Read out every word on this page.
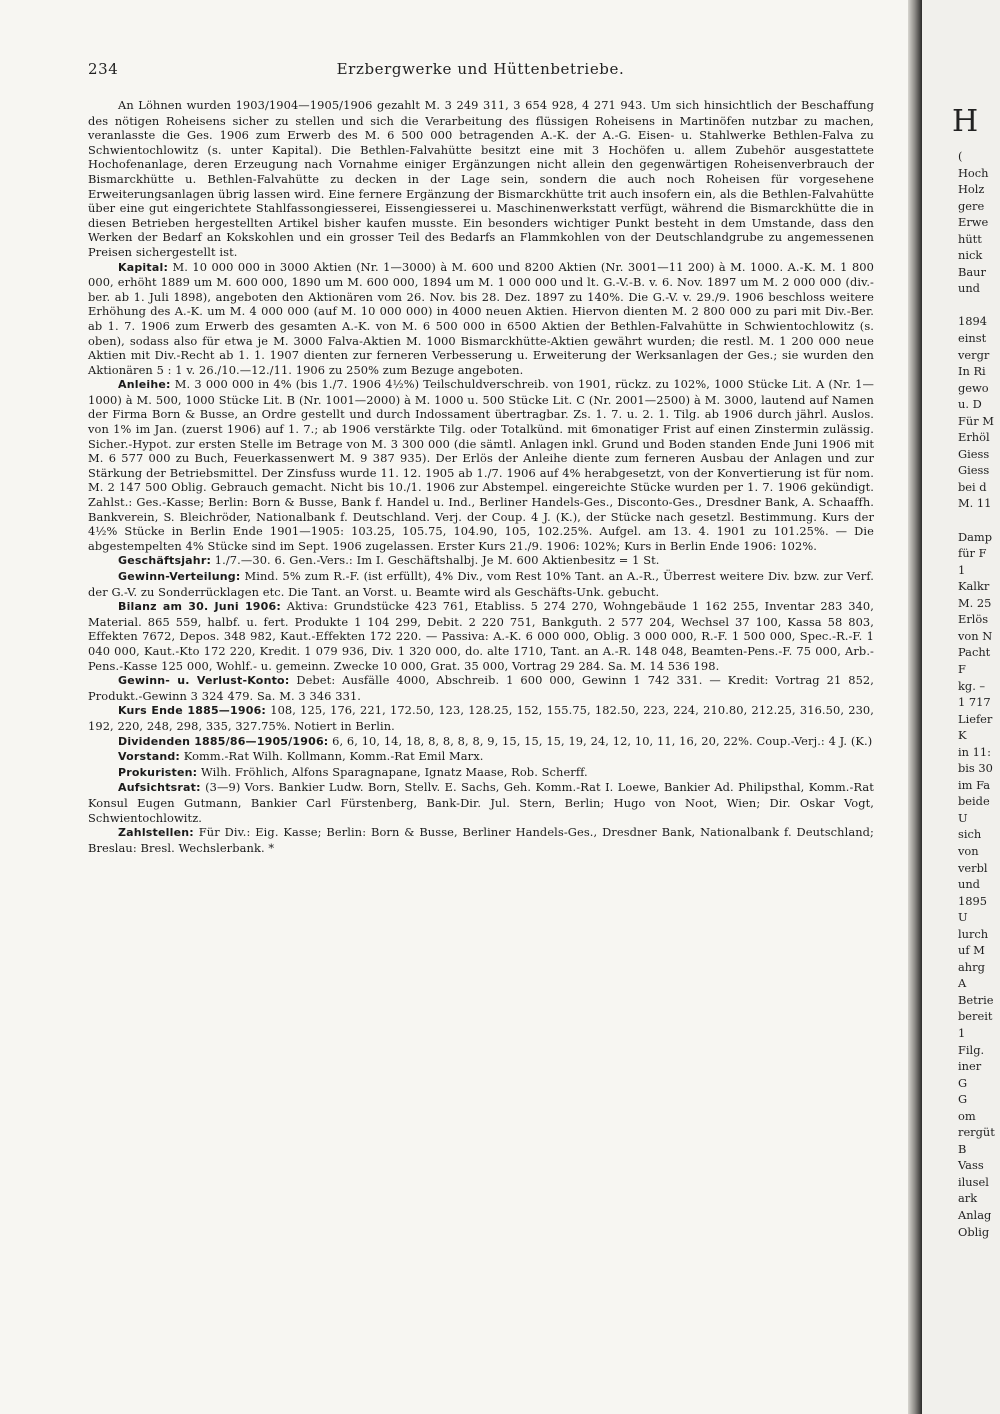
234	Erzbergwerke und Hüttenbetriebe.

An Löhnen wurden 1903/1904—1905/1906 gezahlt M. 3 249 311, 3 654 928, 4 271 943. Um sich hinsichtlich der Beschaffung des nötigen Roheisens sicher zu stellen und sich die Verarbeitung des flüssigen Roheisens in Martinöfen nutzbar zu machen, veranlasste die Ges. 1906 zum Erwerb des M. 6 500 000 betragenden A.-K. der A.-G. Eisen- u. Stahlwerke Bethlen-Falva zu Schwientochlowitz (s. unter Kapital). Die Bethlen-Falvahütte besitzt eine mit 3 Hochöfen u. allem Zubehör ausgestattete Hochofenanlage, deren Erzeugung nach Vornahme einiger Ergänzungen nicht allein den gegenwärtigen Roheisenverbrauch der Bismarckhütte u. Bethlen-Falvahütte zu decken in der Lage sein, sondern die auch noch Roheisen für vorgesehene Erweiterungsanlagen übrig lassen wird. Eine fernere Ergänzung der Bismarckhütte trit auch insofern ein, als die Bethlen-Falvahütte über eine gut eingerichtete Stahlfassongiesserei, Eissengiesserei u. Maschinenwerkstatt verfügt, während die Bismarckhütte die in diesen Betrieben hergestellten Artikel bisher kaufen musste. Ein besonders wichtiger Punkt besteht in dem Umstande, dass den Werken der Bedarf an Kokskohlen und ein grosser Teil des Bedarfs an Flammkohlen von der Deutschlandgrube zu angemessenen Preisen sichergestellt ist.

Kapital: M. 10 000 000 in 3000 Aktien (Nr. 1—3000) à M. 600 und 8200 Aktien (Nr. 3001—11 200) à M. 1000. A.-K. M. 1 800 000, erhöht 1889 um M. 600 000, 1890 um M. 600 000, 1894 um M. 1 000 000 und lt. G.-V.-B. v. 6. Nov. 1897 um M. 2 000 000 (div.-ber. ab 1. Juli 1898), angeboten den Aktionären vom 26. Nov. bis 28. Dez. 1897 zu 140%. Die G.-V. v. 29./9. 1906 beschloss weitere Erhöhung des A.-K. um M. 4 000 000 (auf M. 10 000 000) in 4000 neuen Aktien. Hiervon dienten M. 2 800 000 zu pari mit Div.-Ber. ab 1. 7. 1906 zum Erwerb des gesamten A.-K. von M. 6 500 000 in 6500 Aktien der Bethlen-Falvahütte in Schwientochlowitz (s. oben), sodass also für etwa je M. 3000 Falva-Aktien M. 1000 Bismarckhütte-Aktien gewährt wurden; die restl. M. 1 200 000 neue Aktien mit Div.-Recht ab 1. 1. 1907 dienten zur ferneren Verbesserung u. Erweiterung der Werksanlagen der Ges.; sie wurden den Aktionären 5 : 1 v. 26./10.—12./11. 1906 zu 250% zum Bezuge angeboten.

Anleihe: M. 3 000 000 in 4% (bis 1./7. 1906 4½%) Teilschuldverschreib. von 1901, rückz. zu 102%, 1000 Stücke Lit. A (Nr. 1—1000) à M. 500, 1000 Stücke Lit. B (Nr. 1001—2000) à M. 1000 u. 500 Stücke Lit. C (Nr. 2001—2500) à M. 3000, lautend auf Namen der Firma Born & Busse, an Ordre gestellt und durch Indossament übertragbar. Zs. 1. 7. u. 2. 1. Tilg. ab 1906 durch jährl. Auslos. von 1% im Jan. (zuerst 1906) auf 1. 7.; ab 1906 verstärkte Tilg. oder Totalkünd. mit 6monatiger Frist auf einen Zinstermin zulässig. Sicher.-Hypot. zur ersten Stelle im Betrage von M. 3 300 000 (die sämtl. Anlagen inkl. Grund und Boden standen Ende Juni 1906 mit M. 6 577 000 zu Buch, Feuerkassenwert M. 9 387 935). Der Erlös der Anleihe diente zum ferneren Ausbau der Anlagen und zur Stärkung der Betriebsmittel. Der Zinsfuss wurde 11. 12. 1905 ab 1./7. 1906 auf 4% herabgesetzt, von der Konvertierung ist für nom. M. 2 147 500 Oblig. Gebrauch gemacht. Nicht bis 10./1. 1906 zur Abstempel. eingereichte Stücke wurden per 1. 7. 1906 gekündigt. Zahlst.: Ges.-Kasse; Berlin: Born & Busse, Bank f. Handel u. Ind., Berliner Handels-Ges., Disconto-Ges., Dresdner Bank, A. Schaaffh. Bankverein, S. Bleichröder, Nationalbank f. Deutschland. Verj. der Coup. 4 J. (K.), der Stücke nach gesetzl. Bestimmung. Kurs der 4½% Stücke in Berlin Ende 1901—1905: 103.25, 105.75, 104.90, 105, 102.25%. Aufgel. am 13. 4. 1901 zu 101.25%. — Die abgestempelten 4% Stücke sind im Sept. 1906 zugelassen. Erster Kurs 21./9. 1906: 102%; Kurs in Berlin Ende 1906: 102%.

Geschäftsjahr: 1./7.—30. 6. Gen.-Vers.: Im I. Geschäftshalbj. Je M. 600 Aktienbesitz = 1 St.

Gewinn-Verteilung: Mind. 5% zum R.-F. (ist erfüllt), 4% Div., vom Rest 10% Tant. an A.-R., Überrest weitere Div. bzw. zur Verf. der G.-V. zu Sonderrücklagen etc. Die Tant. an Vorst. u. Beamte wird als Geschäfts-Unk. gebucht.

Bilanz am 30. Juni 1906: Aktiva: Grundstücke 423 761, Etabliss. 5 274 270, Wohngebäude 1 162 255, Inventar 283 340, Material. 865 559, halbf. u. fert. Produkte 1 104 299, Debit. 2 220 751, Bankguth. 2 577 204, Wechsel 37 100, Kassa 58 803, Effekten 7672, Depos. 348 982, Kaut.-Effekten 172 220. — Passiva: A.-K. 6 000 000, Oblig. 3 000 000, R.-F. 1 500 000, Spec.-R.-F. 1 040 000, Kaut.-Kto 172 220, Kredit. 1 079 936, Div. 1 320 000, do. alte 1710, Tant. an A.-R. 148 048, Beamten-Pens.-F. 75 000, Arb.-Pens.-Kasse 125 000, Wohlf.- u. gemeinn. Zwecke 10 000, Grat. 35 000, Vortrag 29 284. Sa. M. 14 536 198.

Gewinn- u. Verlust-Konto: Debet: Ausfälle 4000, Abschreib. 1 600 000, Gewinn 1 742 331. — Kredit: Vortrag 21 852, Produkt.-Gewinn 3 324 479. Sa. M. 3 346 331.

Kurs Ende 1885—1906: 108, 125, 176, 221, 172.50, 123, 128.25, 152, 155.75, 182.50, 223, 224, 210.80, 212.25, 316.50, 230, 192, 220, 248, 298, 335, 327.75%. Notiert in Berlin.

Dividenden 1885/86—1905/1906: 6, 6, 10, 14, 18, 8, 8, 8, 8, 9, 15, 15, 15, 19, 24, 12, 10, 11, 16, 20, 22%. Coup.-Verj.: 4 J. (K.)

Vorstand: Komm.-Rat Wilh. Kollmann, Komm.-Rat Emil Marx.

Prokuristen: Wilh. Fröhlich, Alfons Sparagnapane, Ignatz Maase, Rob. Scherff.

Aufsichtsrat: (3—9) Vors. Bankier Ludw. Born, Stellv. E. Sachs, Geh. Komm.-Rat I. Loewe, Bankier Ad. Philipsthal, Komm.-Rat Konsul Eugen Gutmann, Bankier Carl Fürstenberg, Bank-Dir. Jul. Stern, Berlin; Hugo von Noot, Wien; Dir. Oskar Vogt, Schwientochlowitz.

Zahlstellen: Für Div.: Eig. Kasse; Berlin: Born & Busse, Berliner Handels-Ges., Dresdner Bank, Nationalbank f. Deutschland; Breslau: Bresl. Wechslerbank. *

H
(
Hoch
Holz
gere
Erwe
hütt
nick
Baur
und
1894
einst
vergr
In Ri
gewo
u. D
Für M
Erhöl
Giess
Giess
bei d
M. 11
Damp
für F
1
Kalkr
M. 25
Erlös
von N
Pacht
F
kg. –
1 717
Liefer
K
in 11:
bis 30
im Fa
beide
U
sich
von
verbl
und
1895
U
lurch
uf M
ahrg
A
Betrie
bereit
1
Filg.
iner
G
G
om
rergüt
B
Vass
ilusel
ark
Anlag
Oblig
